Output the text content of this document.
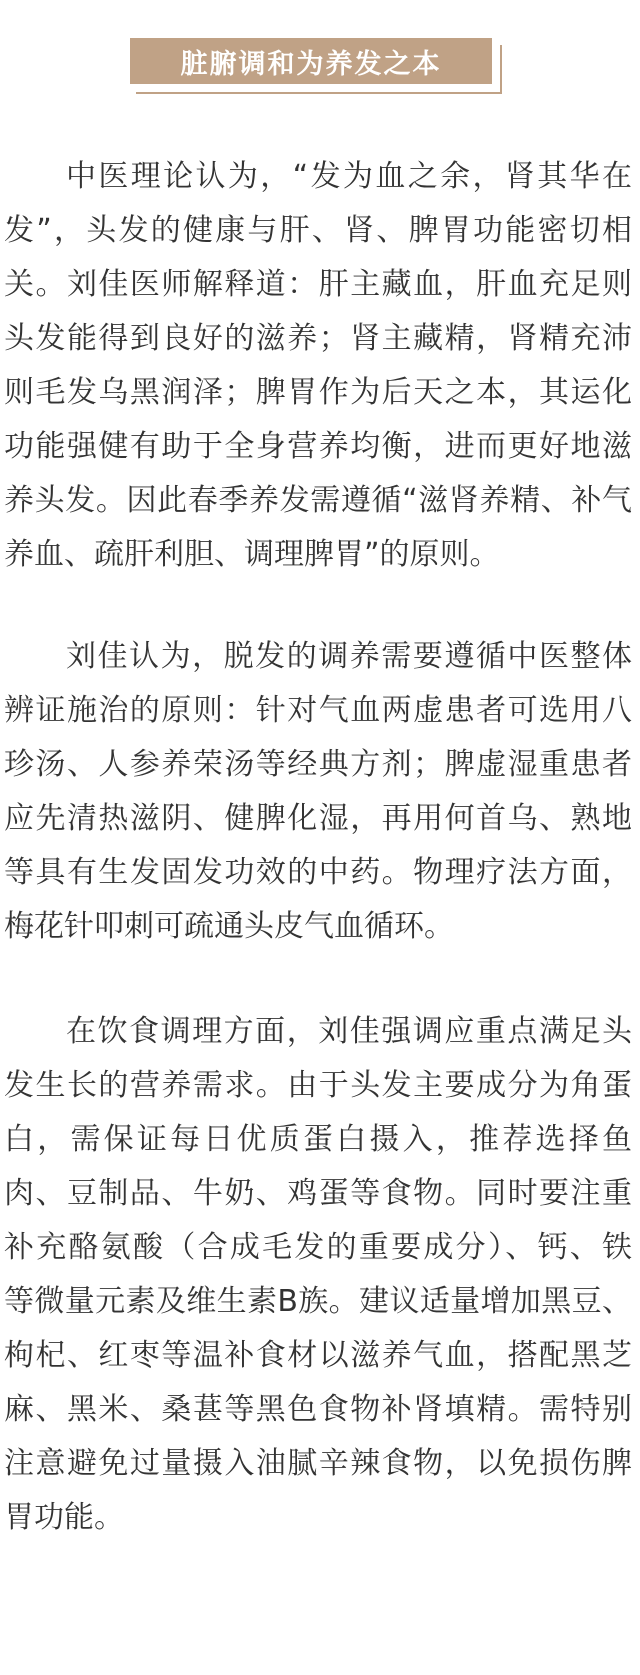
脏腑调和为养发之本
中医理论认为，“发为血之余，肾其华在
发”，头发的健康与肝、肾、脾胃功能密切相
关。刘佳医师解释道：肝主藏血，肝血充足则
头发能得到良好的滋养；肾主藏精，肾精充沛
则毛发乌黑润泽；脾胃作为后天之本，其运化
功能强健有助于全身营养均衡，进而更好地滋
养头发。因此春季养发需遵循“滋肾养精、补气
养血、疏肝利胆、调理脾胃”的原则。
刘佳认为，脱发的调养需要遵循中医整体
辨证施治的原则：针对气血两虚患者可选用八
珍汤、人参养荣汤等经典方剂；脾虚湿重患者
应先清热滋阴、健脾化湿，再用何首乌、熟地
等具有生发固发功效的中药。物理疗法方面，
梅花针叩刺可疏通头皮气血循环。
在饮食调理方面，刘佳强调应重点满足头
发生长的营养需求。由于头发主要成分为角蛋
白，需保证每日优质蛋白摄入，推荐选择鱼
肉、豆制品、牛奶、鸡蛋等食物。同时要注重
补充酪氨酸（合成毛发的重要成分）、钙、铁
等微量元素及维生素B族。建议适量增加黑豆、
枸杞、红枣等温补食材以滋养气血，搭配黑芝
麻、黑米、桑葚等黑色食物补肾填精。需特别
注意避免过量摄入油腻辛辣食物，以免损伤脾
胃功能。
